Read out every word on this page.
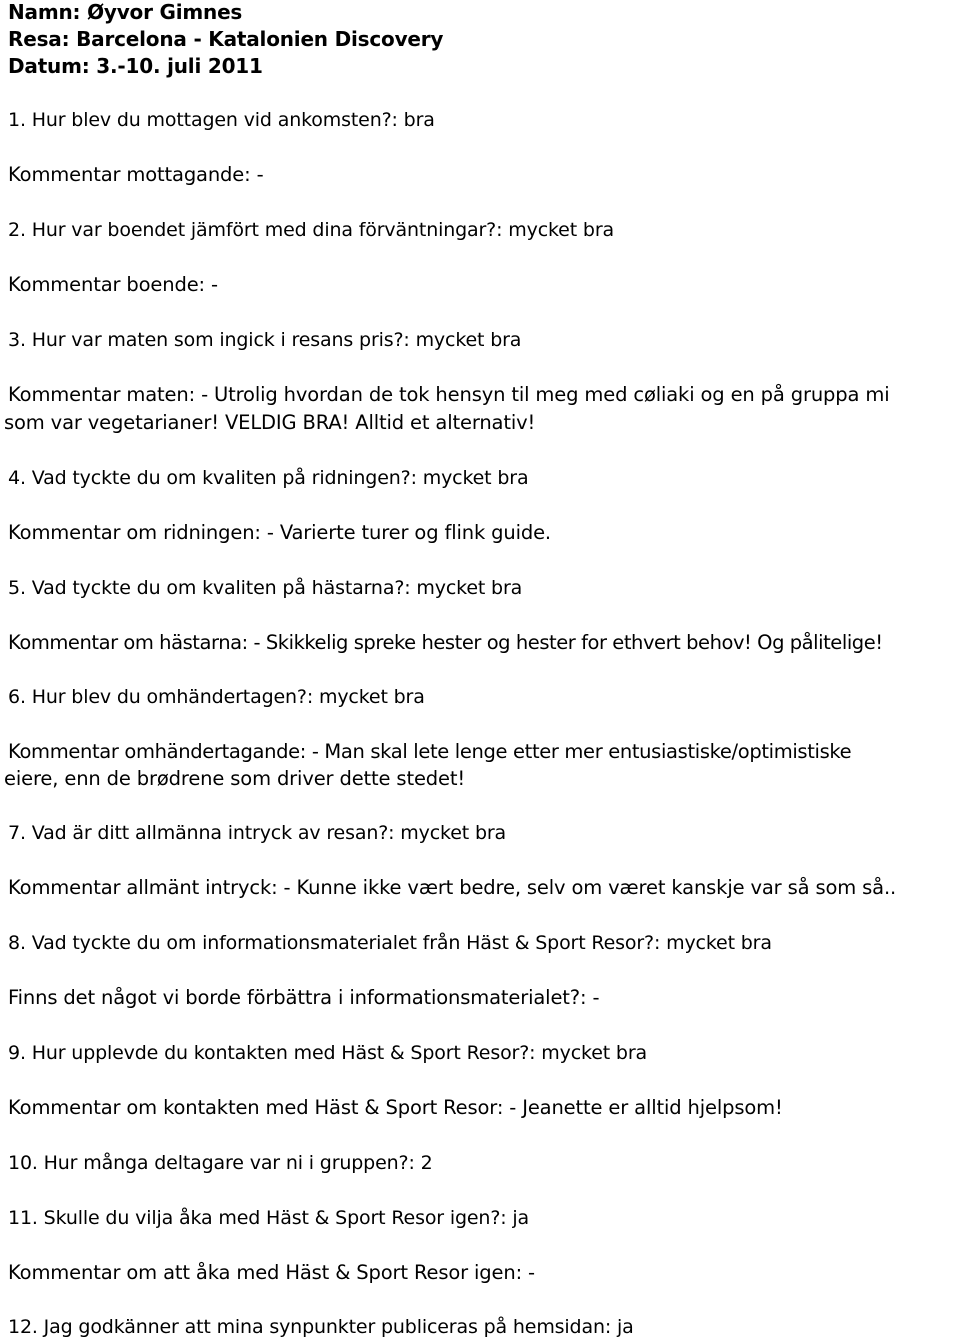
Namn: Øyvor Gimnes
Resa: Barcelona - Katalonien Discovery
Datum: 3.-10. juli 2011
1. Hur blev du mottagen vid ankomsten?: bra
Kommentar mottagande: -
2. Hur var boendet jämfört med dina förväntningar?: mycket bra
Kommentar boende: -
3. Hur var maten som ingick i resans pris?: mycket bra
Kommentar maten: - Utrolig hvordan de tok hensyn til meg med cøliaki og en på gruppa mi
som var vegetarianer! VELDIG BRA! Alltid et alternativ!
4. Vad tyckte du om kvaliten på ridningen?: mycket bra
Kommentar om ridningen: - Varierte turer og flink guide.
5. Vad tyckte du om kvaliten på hästarna?: mycket bra
Kommentar om hästarna: - Skikkelig spreke hester og hester for ethvert behov! Og pålitelige!
6. Hur blev du omhändertagen?: mycket bra
Kommentar omhändertagande: - Man skal lete lenge etter mer entusiastiske/optimistiske
eiere, enn de brødrene som driver dette stedet!
7. Vad är ditt allmänna intryck av resan?: mycket bra
Kommentar allmänt intryck: - Kunne ikke vært bedre, selv om været kanskje var så som så..
8. Vad tyckte du om informationsmaterialet från Häst & Sport Resor?: mycket bra
Finns det något vi borde förbättra i informationsmaterialet?: -
9. Hur upplevde du kontakten med Häst & Sport Resor?: mycket bra
Kommentar om kontakten med Häst & Sport Resor: - Jeanette er alltid hjelpsom!
10. Hur många deltagare var ni i gruppen?: 2
11. Skulle du vilja åka med Häst & Sport Resor igen?: ja
Kommentar om att åka med Häst & Sport Resor igen: -
12. Jag godkänner att mina synpunkter publiceras på hemsidan: ja
